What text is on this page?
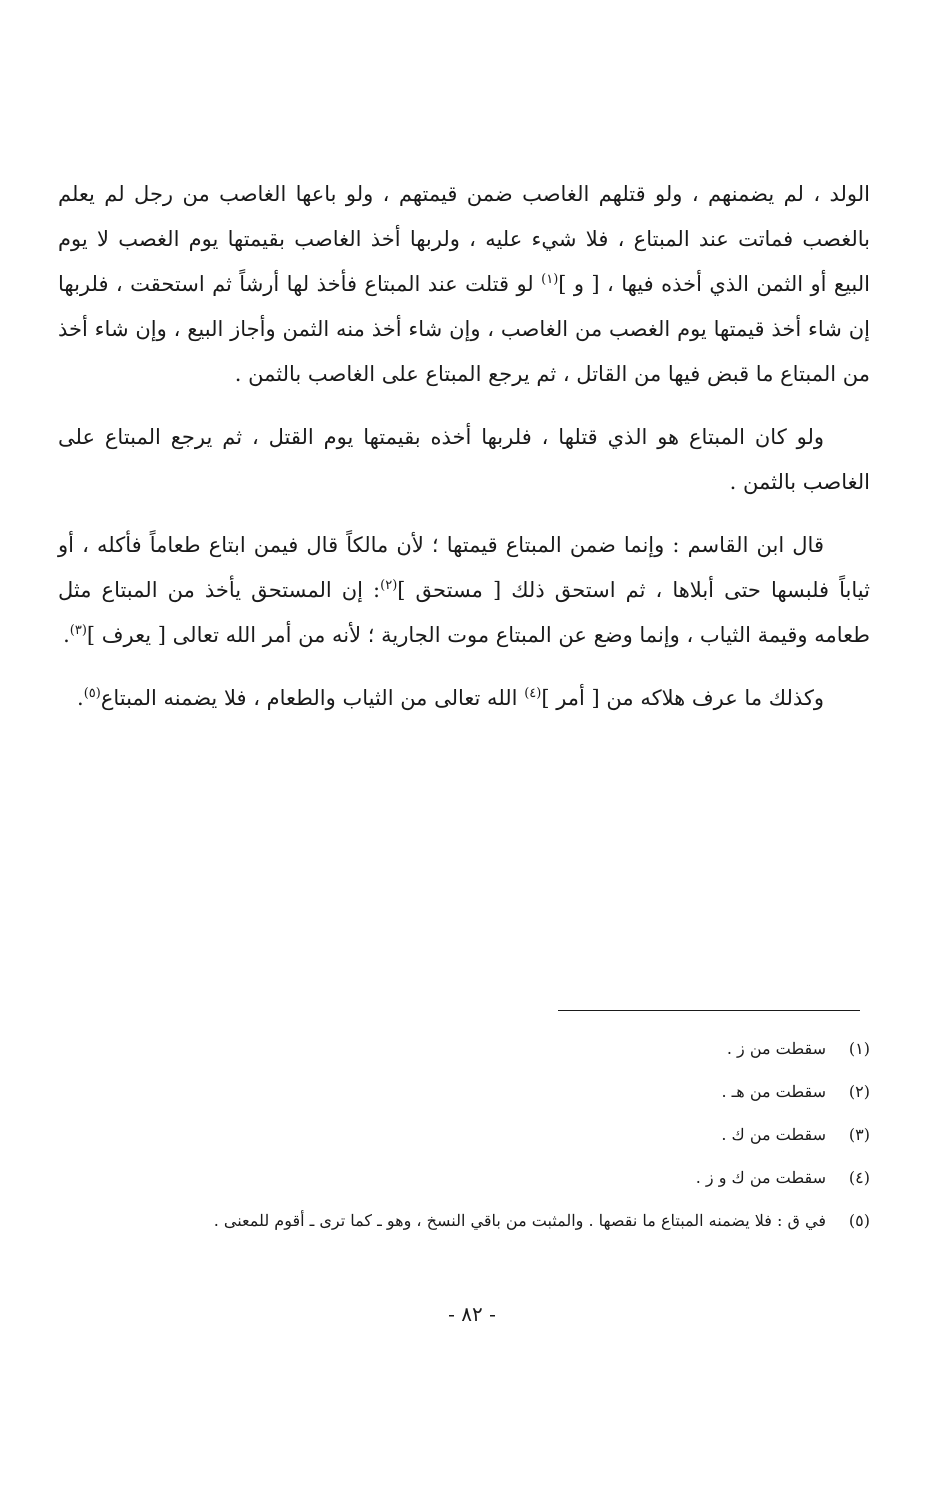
الولد ، لم يضمنهم ، ولو قتلهم الغاصب ضمن قيمتهم ، ولو باعها الغاصب من رجل لم يعلم بالغصب فماتت عند المبتاع ، فلا شيء عليه ، ولربها أخذ الغاصب بقيمتها يوم الغصب لا يوم البيع أو الثمن الذي أخذه فيها ، [ و ]$^{(١)}$ لو قتلت عند المبتاع فأخذ لها أرشاً ثم استحقت ، فلربها إن شاء أخذ قيمتها يوم الغصب من الغاصب ، وإن شاء أخذ منه الثمن وأجاز البيع ، وإن شاء أخذ من المبتاع ما قبض فيها من القاتل ، ثم يرجع المبتاع على الغاصب بالثمن .

ولو كان المبتاع هو الذي قتلها ، فلربها أخذه بقيمتها يوم القتل ، ثم يرجع المبتاع على الغاصب بالثمن .

قال ابن القاسم : وإنما ضمن المبتاع قيمتها ؛ لأن مالكاً قال فيمن ابتاع طعاماً فأكله ، أو ثياباً فلبسها حتى أبلاها ، ثم استحق ذلك [ مستحق ]$^{(٢)}$: إن المستحق يأخذ من المبتاع مثل طعامه وقيمة الثياب ، وإنما وضع عن المبتاع موت الجارية ؛ لأنه من أمر الله تعالى [ يعرف ]$^{(٣)}$.

وكذلك ما عرف هلاكه من [ أمر ]$^{(٤)}$ الله تعالى من الثياب والطعام ، فلا يضمنه المبتاع$^{(٥)}$.

(١)
سقطت من ز .
(٢)
سقطت من هـ .
(٣)
سقطت من ك .
(٤)
سقطت من ك و ز .
(٥)
في ق : فلا يضمنه المبتاع ما نقصها . والمثبت من باقي النسخ ، وهو ـ كما ترى ـ أقوم للمعنى .
- ٨٢ -
